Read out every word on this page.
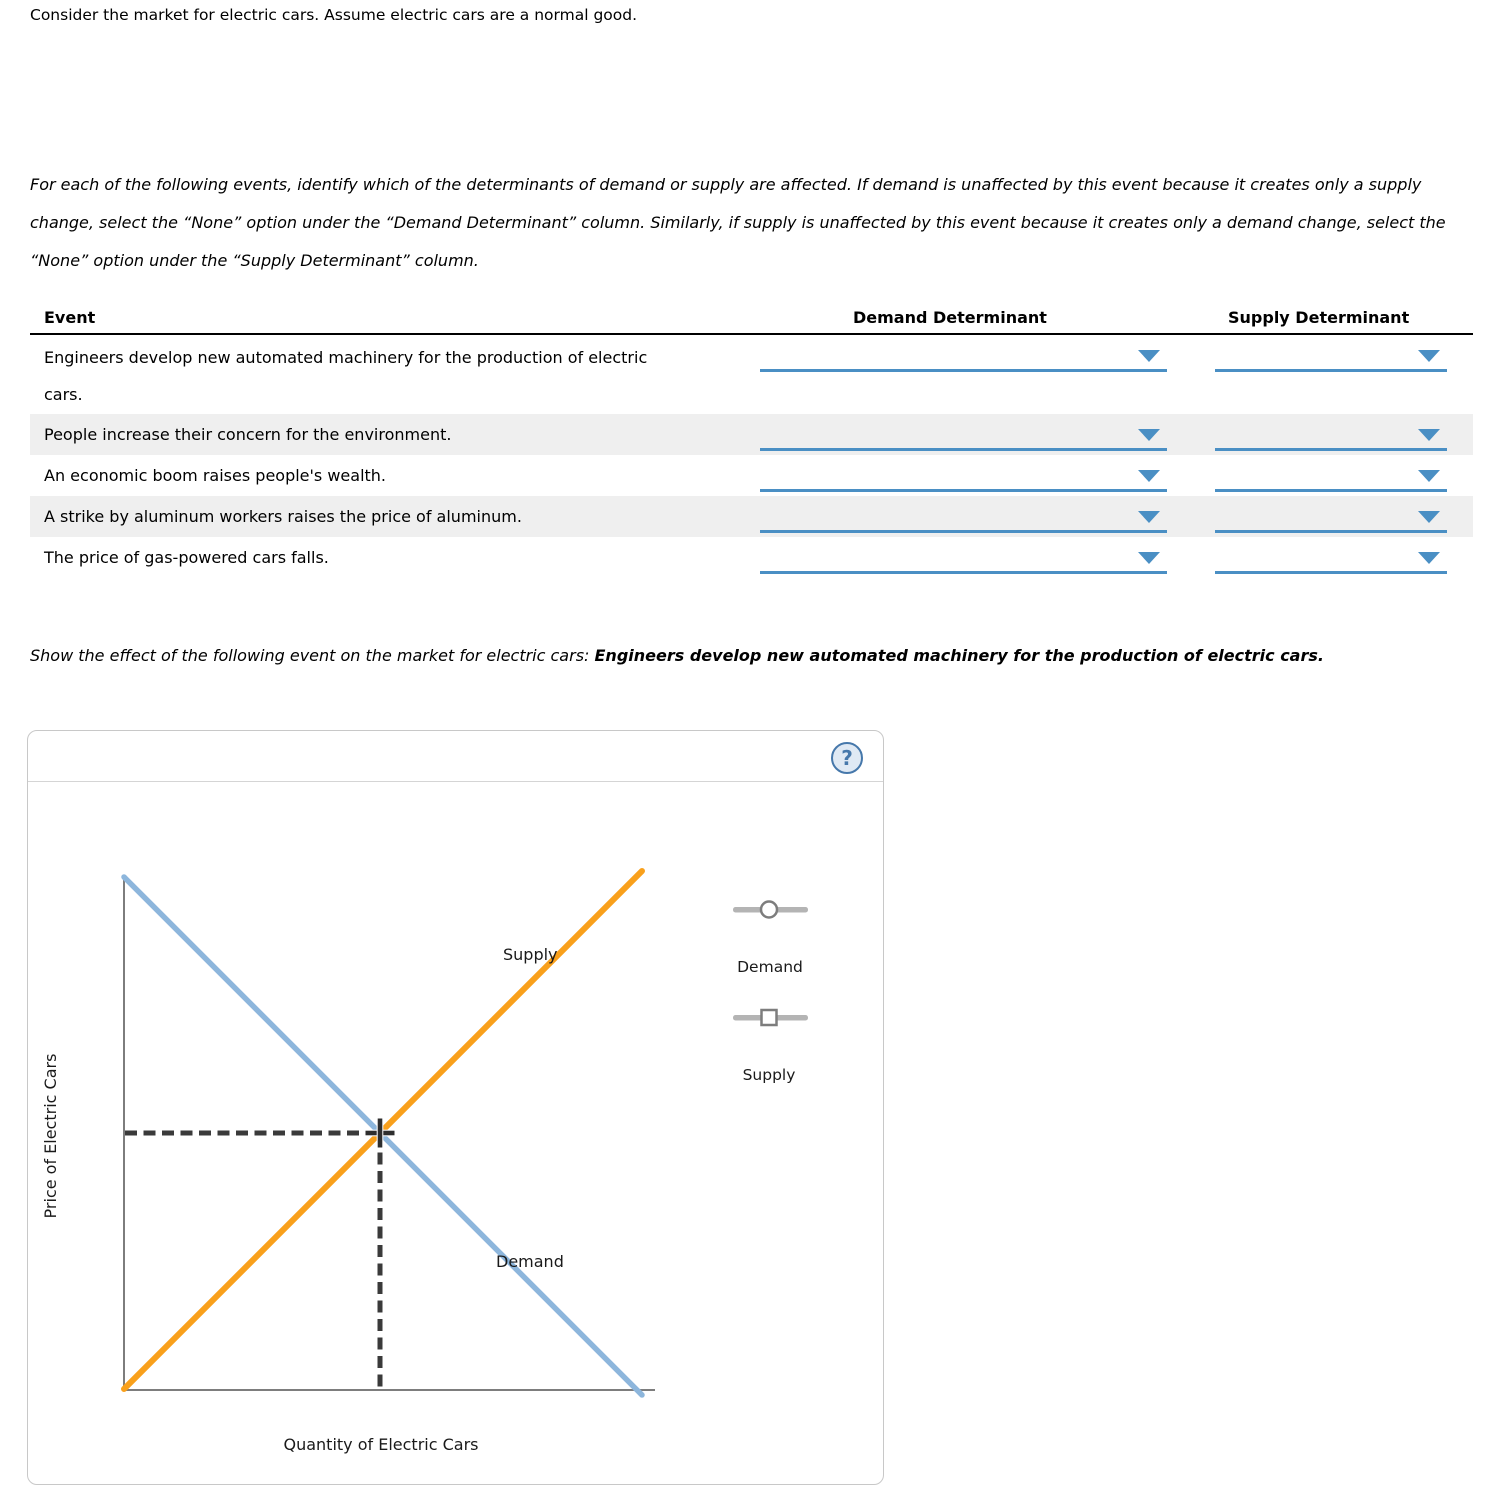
Consider the market for electric cars. Assume electric cars are a normal good.
For each of the following events, identify which of the determinants of demand or supply are affected. If demand is unaffected by this event because it creates only a supply change, select the “None” option under the “Demand Determinant” column. Similarly, if supply is unaffected by this event because it creates only a demand change, select the “None” option under the “Supply Determinant” column.
Event	Demand Determinant	Supply Determinant
Engineers develop new automated machinery for the production of electric cars.
People increase their concern for the environment.
An economic boom raises people's wealth.
A strike by aluminum workers raises the price of aluminum.
The price of gas-powered cars falls.
Show the effect of the following event on the market for electric cars: Engineers develop new automated machinery for the production of electric cars.
?
Supply
Demand
Price of Electric Cars
Quantity of Electric Cars
Demand
Supply
